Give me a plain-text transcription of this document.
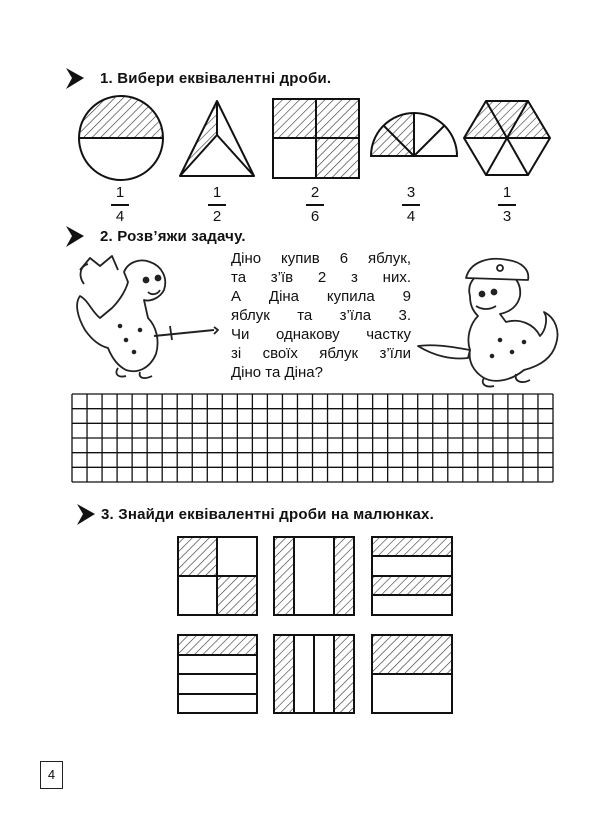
1. Вибери еквівалентні дроби.
2. Розв’яжи задачу.
3. Знайди еквівалентні дроби на малюнках.
1
4
1
2
2
6
3
4
1
3
Діно купив 6 яблук,
та з’їв 2 з них.
А Діна купила 9
яблук та з’їла 3.
Чи однакову частку
зі своїх яблук з’їли
Діно та Діна?
4
